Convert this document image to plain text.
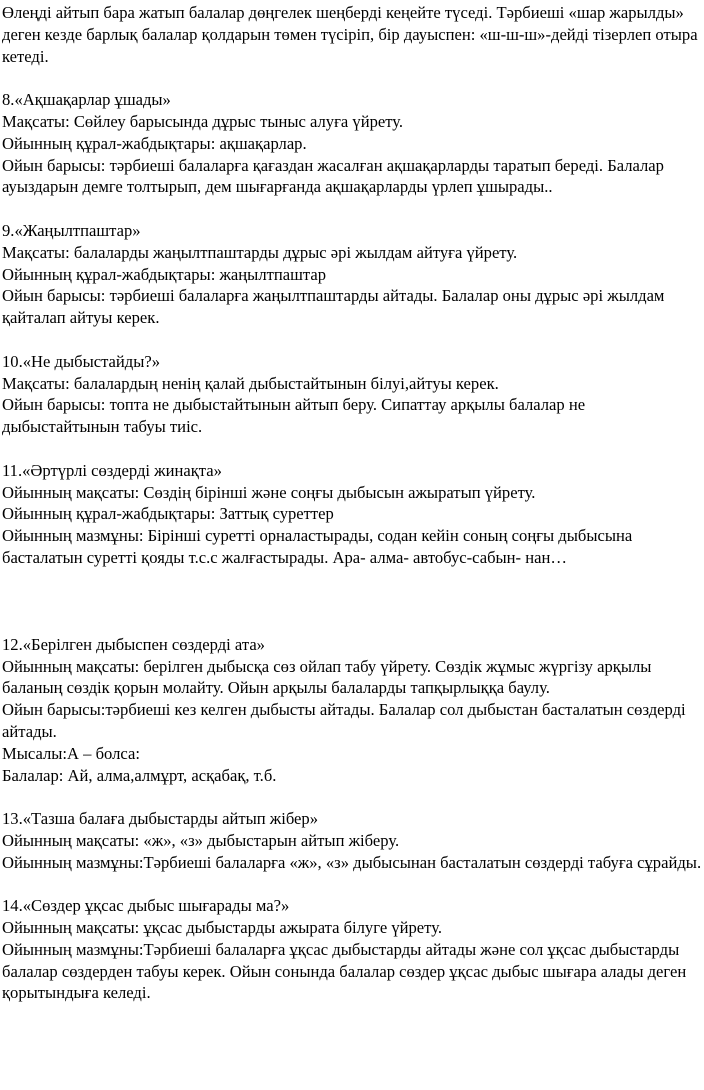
Өлеңді айтып бара жатып балалар дөңгелек шеңберді кеңейте түседі. Тәрбиеші «шар жарылды» деген кезде барлық балалар қолдарын төмен түсіріп, бір дауыспен: «ш-ш-ш»-дейді тізерлеп отыра кетеді.

8.«Ақшақарлар ұшады»

Мақсаты: Сөйлеу барысында дұрыс тыныс алуға үйрету.

Ойынның құрал-жабдықтары: ақшақарлар.

Ойын барысы: тәрбиеші балаларға қағаздан жасалған ақшақарларды таратып береді. Балалар ауыздарын демге толтырып, дем шығарғанда ақшақарларды үрлеп ұшырады..

9.«Жаңылтпаштар»

Мақсаты: балаларды жаңылтпаштарды дұрыс әрі жылдам айтуға үйрету.

Ойынның құрал-жабдықтары: жаңылтпаштар

Ойын барысы: тәрбиеші балаларға жаңылтпаштарды айтады. Балалар оны дұрыс әрі жылдам қайталап айтуы керек.

10.«Не дыбыстайды?»

Мақсаты: балалардың ненің қалай дыбыстайтынын білуі,айтуы керек.

Ойын барысы: топта не дыбыстайтынын айтып беру. Сипаттау арқылы балалар не дыбыстайтынын табуы тиіс.

11.«Әртүрлі сөздерді жинақта»

Ойынның мақсаты: Сөздің бірінші және соңғы дыбысын ажыратып үйрету.

Ойынның құрал-жабдықтары: Заттық суреттер

Ойынның мазмұны: Бірінші суретті орналастырады, содан кейін соның соңғы дыбысына басталатын суретті қояды т.с.с жалғастырады. Ара- алма- автобус-сабын- нан…

12.«Берілген дыбыспен сөздерді ата»

Ойынның мақсаты: берілген дыбысқа сөз ойлап табу үйрету. Сөздік жұмыс жүргізу арқылы баланың сөздік қорын молайту. Ойын арқылы балаларды тапқырлыққа баулу.

Ойын барысы:тәрбиеші кез келген дыбысты айтады. Балалар сол дыбыстан басталатын сөздерді айтады.

Мысалы:А – болса:

Балалар: Ай, алма,алмұрт, асқабақ, т.б.

13.«Тазша балаға дыбыстарды айтып жібер»

Ойынның мақсаты: «ж», «з» дыбыстарын айтып жіберу.

Ойынның мазмұны:Тәрбиеші балаларға «ж», «з» дыбысынан басталатын сөздерді табуға сұрайды.

14.«Сөздер ұқсас дыбыс шығарады ма?»

Ойынның мақсаты: ұқсас дыбыстарды ажырата білуге үйрету.

Ойынның мазмұны:Тәрбиеші балаларға ұқсас дыбыстарды айтады және сол ұқсас дыбыстарды балалар сөздерден табуы керек. Ойын сонында балалар сөздер ұқсас дыбыс шығара алады деген қорытындыға келеді.
